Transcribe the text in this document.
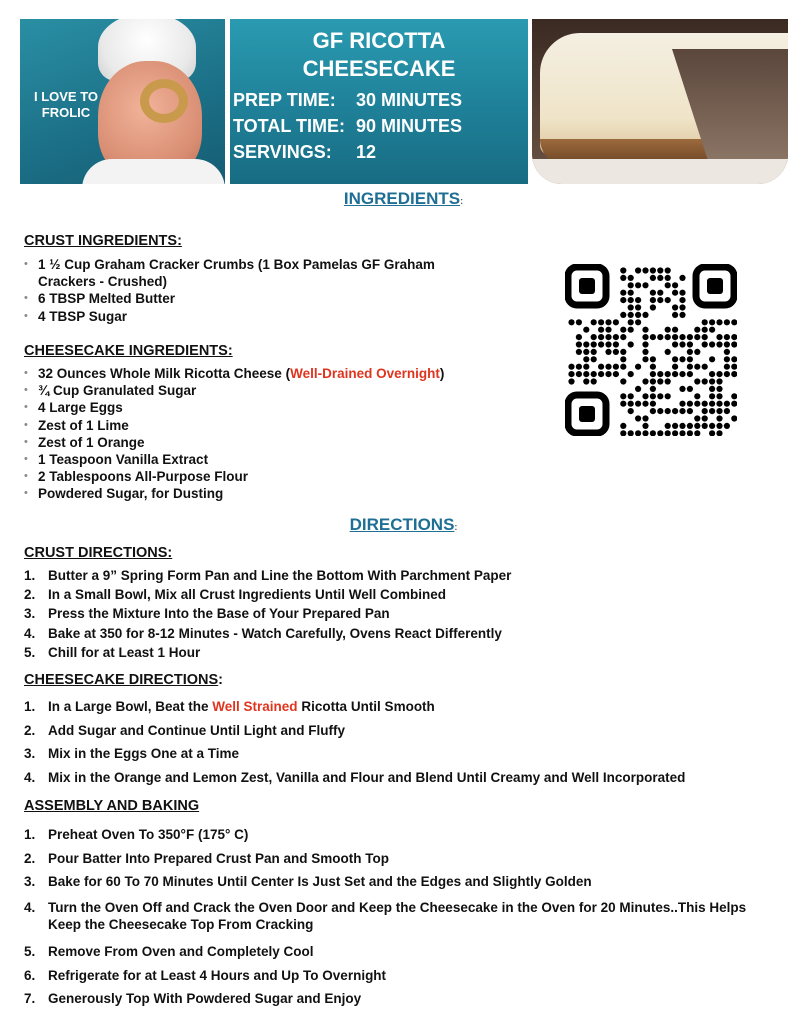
I LOVE TO FROLIC
GF RICOTTA
CHEESECAKE
PREP TIME:	30 MINUTES
TOTAL TIME: 90 MINUTES
SERVINGS:	12
INGREDIENTS:
CRUST INGREDIENTS:
• 1 ½ Cup Graham Cracker Crumbs (1 Box Pamelas GF Graham Crackers - Crushed)
• 6 TBSP Melted Butter
• 4 TBSP Sugar
CHEESECAKE INGREDIENTS:
• 32 Ounces Whole Milk Ricotta Cheese (Well-Drained Overnight)
• ¾ Cup Granulated Sugar
• 4 Large Eggs
• Zest of 1 Lime
• Zest of 1 Orange
• 1 Teaspoon Vanilla Extract
• 2 Tablespoons All-Purpose Flour
• Powdered Sugar, for Dusting
DIRECTIONS:
CRUST DIRECTIONS:
1. Butter a 9” Spring Form Pan and Line the Bottom With Parchment Paper
2. In a Small Bowl, Mix all Crust Ingredients Until Well Combined
3. Press the Mixture Into the Base of Your Prepared Pan
4. Bake at 350 for 8-12 Minutes - Watch Carefully, Ovens React Differently
5. Chill for at Least 1 Hour
CHEESECAKE DIRECTIONS:
1. In a Large Bowl, Beat the Well Strained Ricotta Until Smooth
2. Add Sugar and Continue Until Light and Fluffy
3. Mix in the Eggs One at a Time
4. Mix in the Orange and Lemon Zest, Vanilla and Flour and Blend Until Creamy and Well Incorporated
ASSEMBLY AND BAKING
1. Preheat Oven To 350°F (175° C)
2. Pour Batter Into Prepared Crust Pan and Smooth Top
3. Bake for 60 To 70 Minutes Until Center Is Just Set and the Edges and Slightly Golden
4. Turn the Oven Off and Crack the Oven Door and Keep the Cheesecake in the Oven for 20 Minutes..This Helps Keep the Cheesecake Top From Cracking
5. Remove From Oven and Completely Cool
6. Refrigerate for at Least 4 Hours and Up To Overnight
7. Generously Top With Powdered Sugar and Enjoy
